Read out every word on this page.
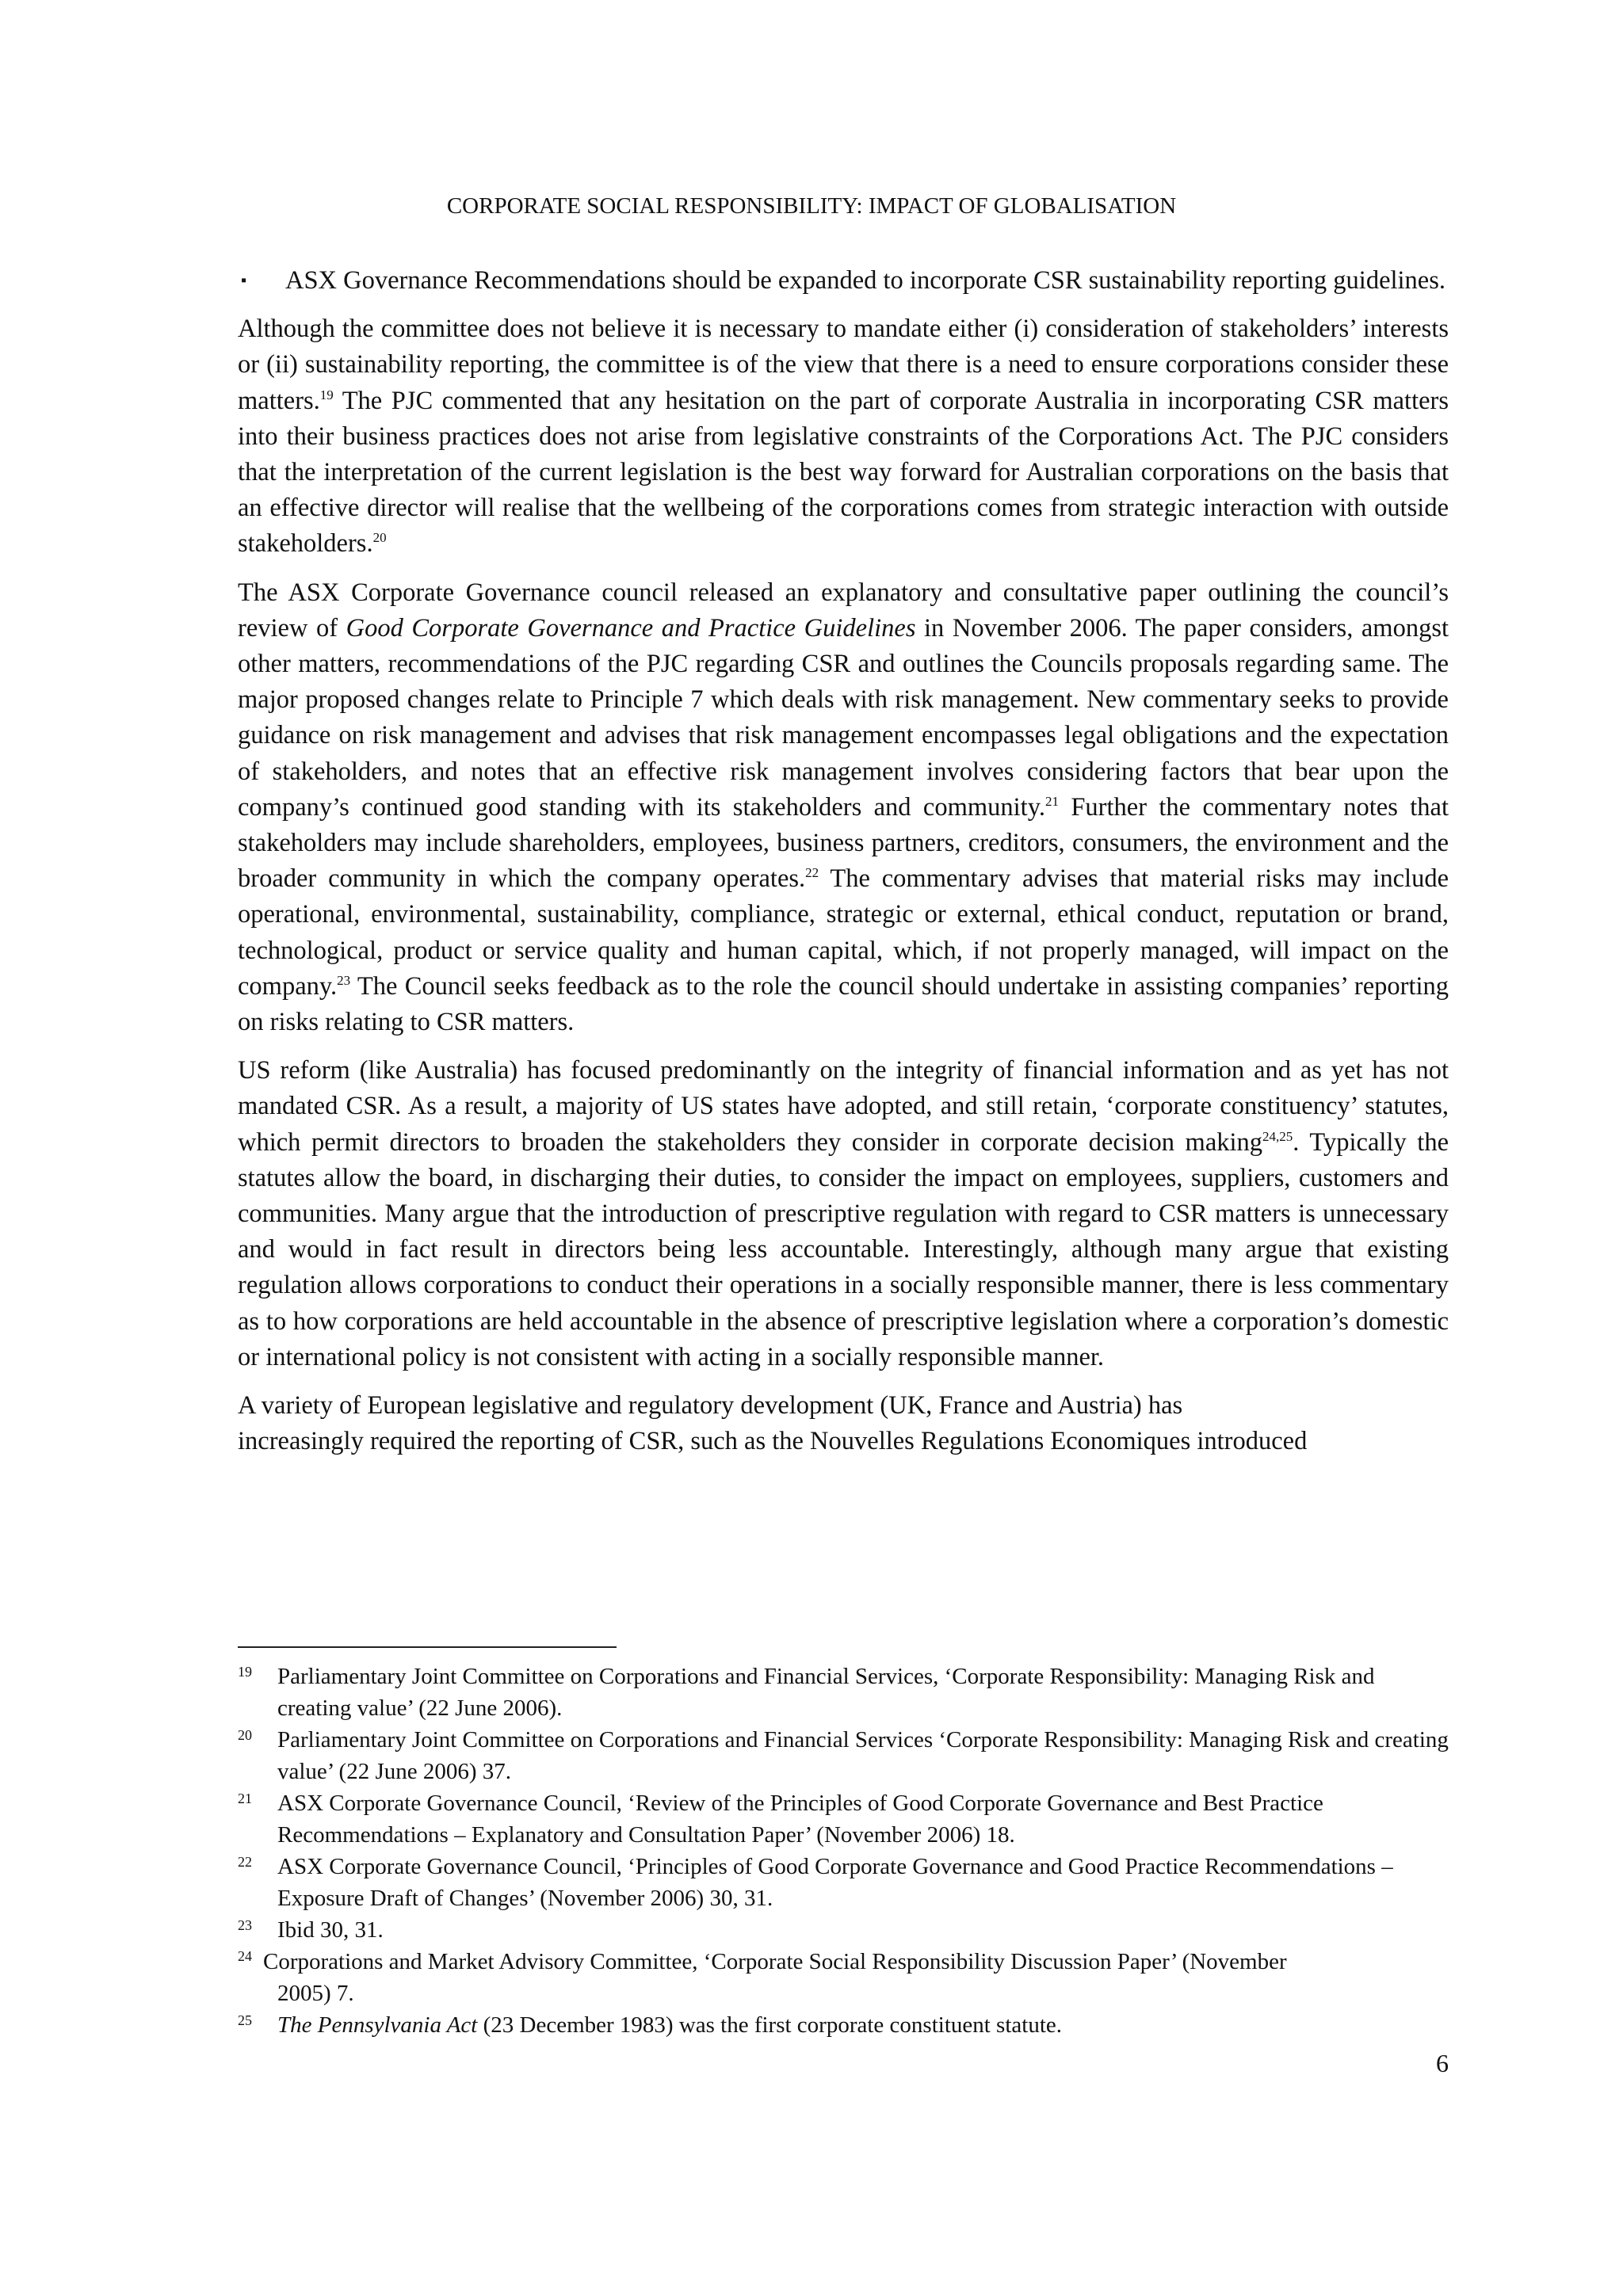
CORPORATE SOCIAL RESPONSIBILITY: IMPACT OF GLOBALISATION
▪ ASX Governance Recommendations should be expanded to incorporate CSR sustainability reporting guidelines.

Although the committee does not believe it is necessary to mandate either (i) consideration of stakeholders’ interests or (ii) sustainability reporting, the committee is of the view that there is a need to ensure corporations consider these matters.$^{19}$ The PJC commented that any hesitation on the part of corporate Australia in incorporating CSR matters into their business practices does not arise from legislative constraints of the Corporations Act. The PJC considers that the interpretation of the current legislation is the best way forward for Australian corporations on the basis that an effective director will realise that the wellbeing of the corporations comes from strategic interaction with outside stakeholders.$^{20}$

The ASX Corporate Governance council released an explanatory and consultative paper outlining the council’s review of Good Corporate Governance and Practice Guidelines in November 2006. The paper considers, amongst other matters, recommendations of the PJC regarding CSR and outlines the Councils proposals regarding same. The major proposed changes relate to Principle 7 which deals with risk management. New commentary seeks to provide guidance on risk management and advises that risk management encompasses legal obligations and the expectation of stakeholders, and notes that an effective risk management involves considering factors that bear upon the company’s continued good standing with its stakeholders and community.$^{21}$ Further the commentary notes that stakeholders may include shareholders, employees, business partners, creditors, consumers, the environment and the broader community in which the company operates.$^{22}$ The commentary advises that material risks may include operational, environmental, sustainability, compliance, strategic or external, ethical conduct, reputation or brand, technological, product or service quality and human capital, which, if not properly managed, will impact on the company.$^{23}$ The Council seeks feedback as to the role the council should undertake in assisting companies’ reporting on risks relating to CSR matters.

US reform (like Australia) has focused predominantly on the integrity of financial information and as yet has not mandated CSR. As a result, a majority of US states have adopted, and still retain, ‘corporate constituency’ statutes, which permit directors to broaden the stakeholders they consider in corporate decision making$^{24,25}$. Typically the statutes allow the board, in discharging their duties, to consider the impact on employees, suppliers, customers and communities. Many argue that the introduction of prescriptive regulation with regard to CSR matters is unnecessary and would in fact result in directors being less accountable. Interestingly, although many argue that existing regulation allows corporations to conduct their operations in a socially responsible manner, there is less commentary as to how corporations are held accountable in the absence of prescriptive legislation where a corporation’s domestic or international policy is not consistent with acting in a socially responsible manner.

A variety of European legislative and regulatory development (UK, France and Austria) has
increasingly required the reporting of CSR, such as the Nouvelles Regulations Economiques introduced

19 Parliamentary Joint Committee on Corporations and Financial Services, ‘Corporate Responsibility: Managing Risk and creating value’ (22 June 2006).
20 Parliamentary Joint Committee on Corporations and Financial Services ‘Corporate Responsibility: Managing Risk and creating value’ (22 June 2006) 37.
21 ASX Corporate Governance Council, ‘Review of the Principles of Good Corporate Governance and Best Practice Recommendations – Explanatory and Consultation Paper’ (November 2006) 18.
22 ASX Corporate Governance Council, ‘Principles of Good Corporate Governance and Good Practice Recommendations – Exposure Draft of Changes’ (November 2006) 30, 31.
23 Ibid 30, 31.
$^{24}$ Corporations and Market Advisory Committee, ‘Corporate Social Responsibility Discussion Paper’ (November
2005) 7.
25 The Pennsylvania Act (23 December 1983) was the first corporate constituent statute.
6
